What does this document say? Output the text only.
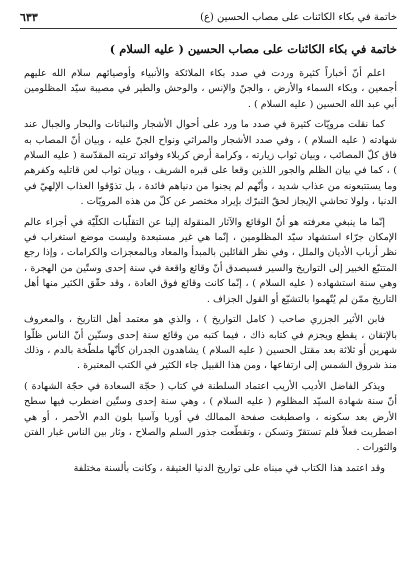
خاتمة في بكاء الكائنات على مصاب الحسين (ع)
٦٣٣
خاتمة في بكاء الكائنات على مصاب الحسين ( عليه السلام )

اعلم أنّ أخباراً كثيرة وردت في صدد بكاء الملائكة والأنبياء وأوصيائهم سلام الله عليهم أجمعين ، وبكاء السماء والأرض ، والجنّ والإنس ، والوحش والطير في مصيبة سيّد المظلومين أبي عبد الله الحسين ( عليه السلام ) .

كما نقلت مرويّات كثيرة في صدد ما ورد على أحوال الأشجار والنباتات والبحار والجبال عند شهادته ( عليه السلام ) ، وفي صدد الأشجار والمراثي ونواح الجنّ عليه ، وبيان أنّ المصاب به فاق كلّ المصائب ، وبيان ثواب زيارته ، وكرامة أرض كربلاء وفوائد تربته المقدّسة ( عليه السلام ) ، كما في بيان الظلم والجور اللذين وقعا على قبره الشريف ، وبيان ثواب لعن قاتليه وكفرهم وما يستتبعونه من عذاب شديد ، وأنّهم لم يجنوا من دنياهم فائدة ، بل تذوّقوا العذاب الإلهيّ في الدنيا ، ولولا تحاشي الإيجاز لحقّ التبرّك بإيراد مختصر عن كلّ من هذه المرويّات .

إنّما ما ينبغي معرفته هو أنّ الوقائع والآثار المنقولة إلينا عن التقلّبات الكلّيّة في أجزاء عالم الإمكان جرّاء استشهاد سيّد المظلومين ، إنّما هي غير مستبعدة وليست موضع استغراب في نظر أرباب الأديان والملل ، وفي نظر القائلين بالمبدأ والمعاد وبالمعجزات والكرامات ، وإذا رجع المتتبّع الخبير إلى التواريخ والسير فسيصدق أنّ وقائع واقعة في سنة إحدى وستّين من الهجرة ، وهي سنة استشهاده ( عليه السلام ) ، إنّما كانت وقائع فوق العادة ، وقد حقّق الكثير منها أهل التاريخ ممّن لم يُتّهموا بالتشيّع أو القول الجزاف .

فابن الأثير الجزري صاحب ( كامل التواريخ ) ، والذي هو معتمد أهل التاريخ ، والمعروف بالإتقان ، يقطع ويجزم في كتابه ذاك ، فيما كتبه من وقائع سنة إحدى وستّين أنّ الناس ظلّوا شهرين أو ثلاثة بعد مقتل الحسين ( عليه السلام ) يشاهدون الجدران كأنّها ملطّخة بالدم ، وذلك منذ شروق الشمس إلى ارتفاعها ، ومن هذا القبيل جاء الكثير في الكتب المعتبرة .

ويذكر الفاضل الأديب الأريب اعتماد السلطنة في كتاب ( حجّة السعادة في حجّة الشهادة ) أنّ سنة شهادة السيّد المظلوم ( عليه السلام ) ، وهي سنة إحدى وستّين اضطرب فيها سطح الأرض بعد سكونه ، واصطبغت صفحة الممالك في أوربا وآسيا بلون الدم الأحمر ، أو هي اضطربت فعلاً فلم تستقرّ وتسكن ، وتقطّعت جذور السلم والصلاح ، وثار بين الناس غبار الفتن والثورات .

وقد اعتمد هذا الكتاب في مبناه على تواريخ الدنيا العتيقة ، وكانت بألسنة مختلفة
